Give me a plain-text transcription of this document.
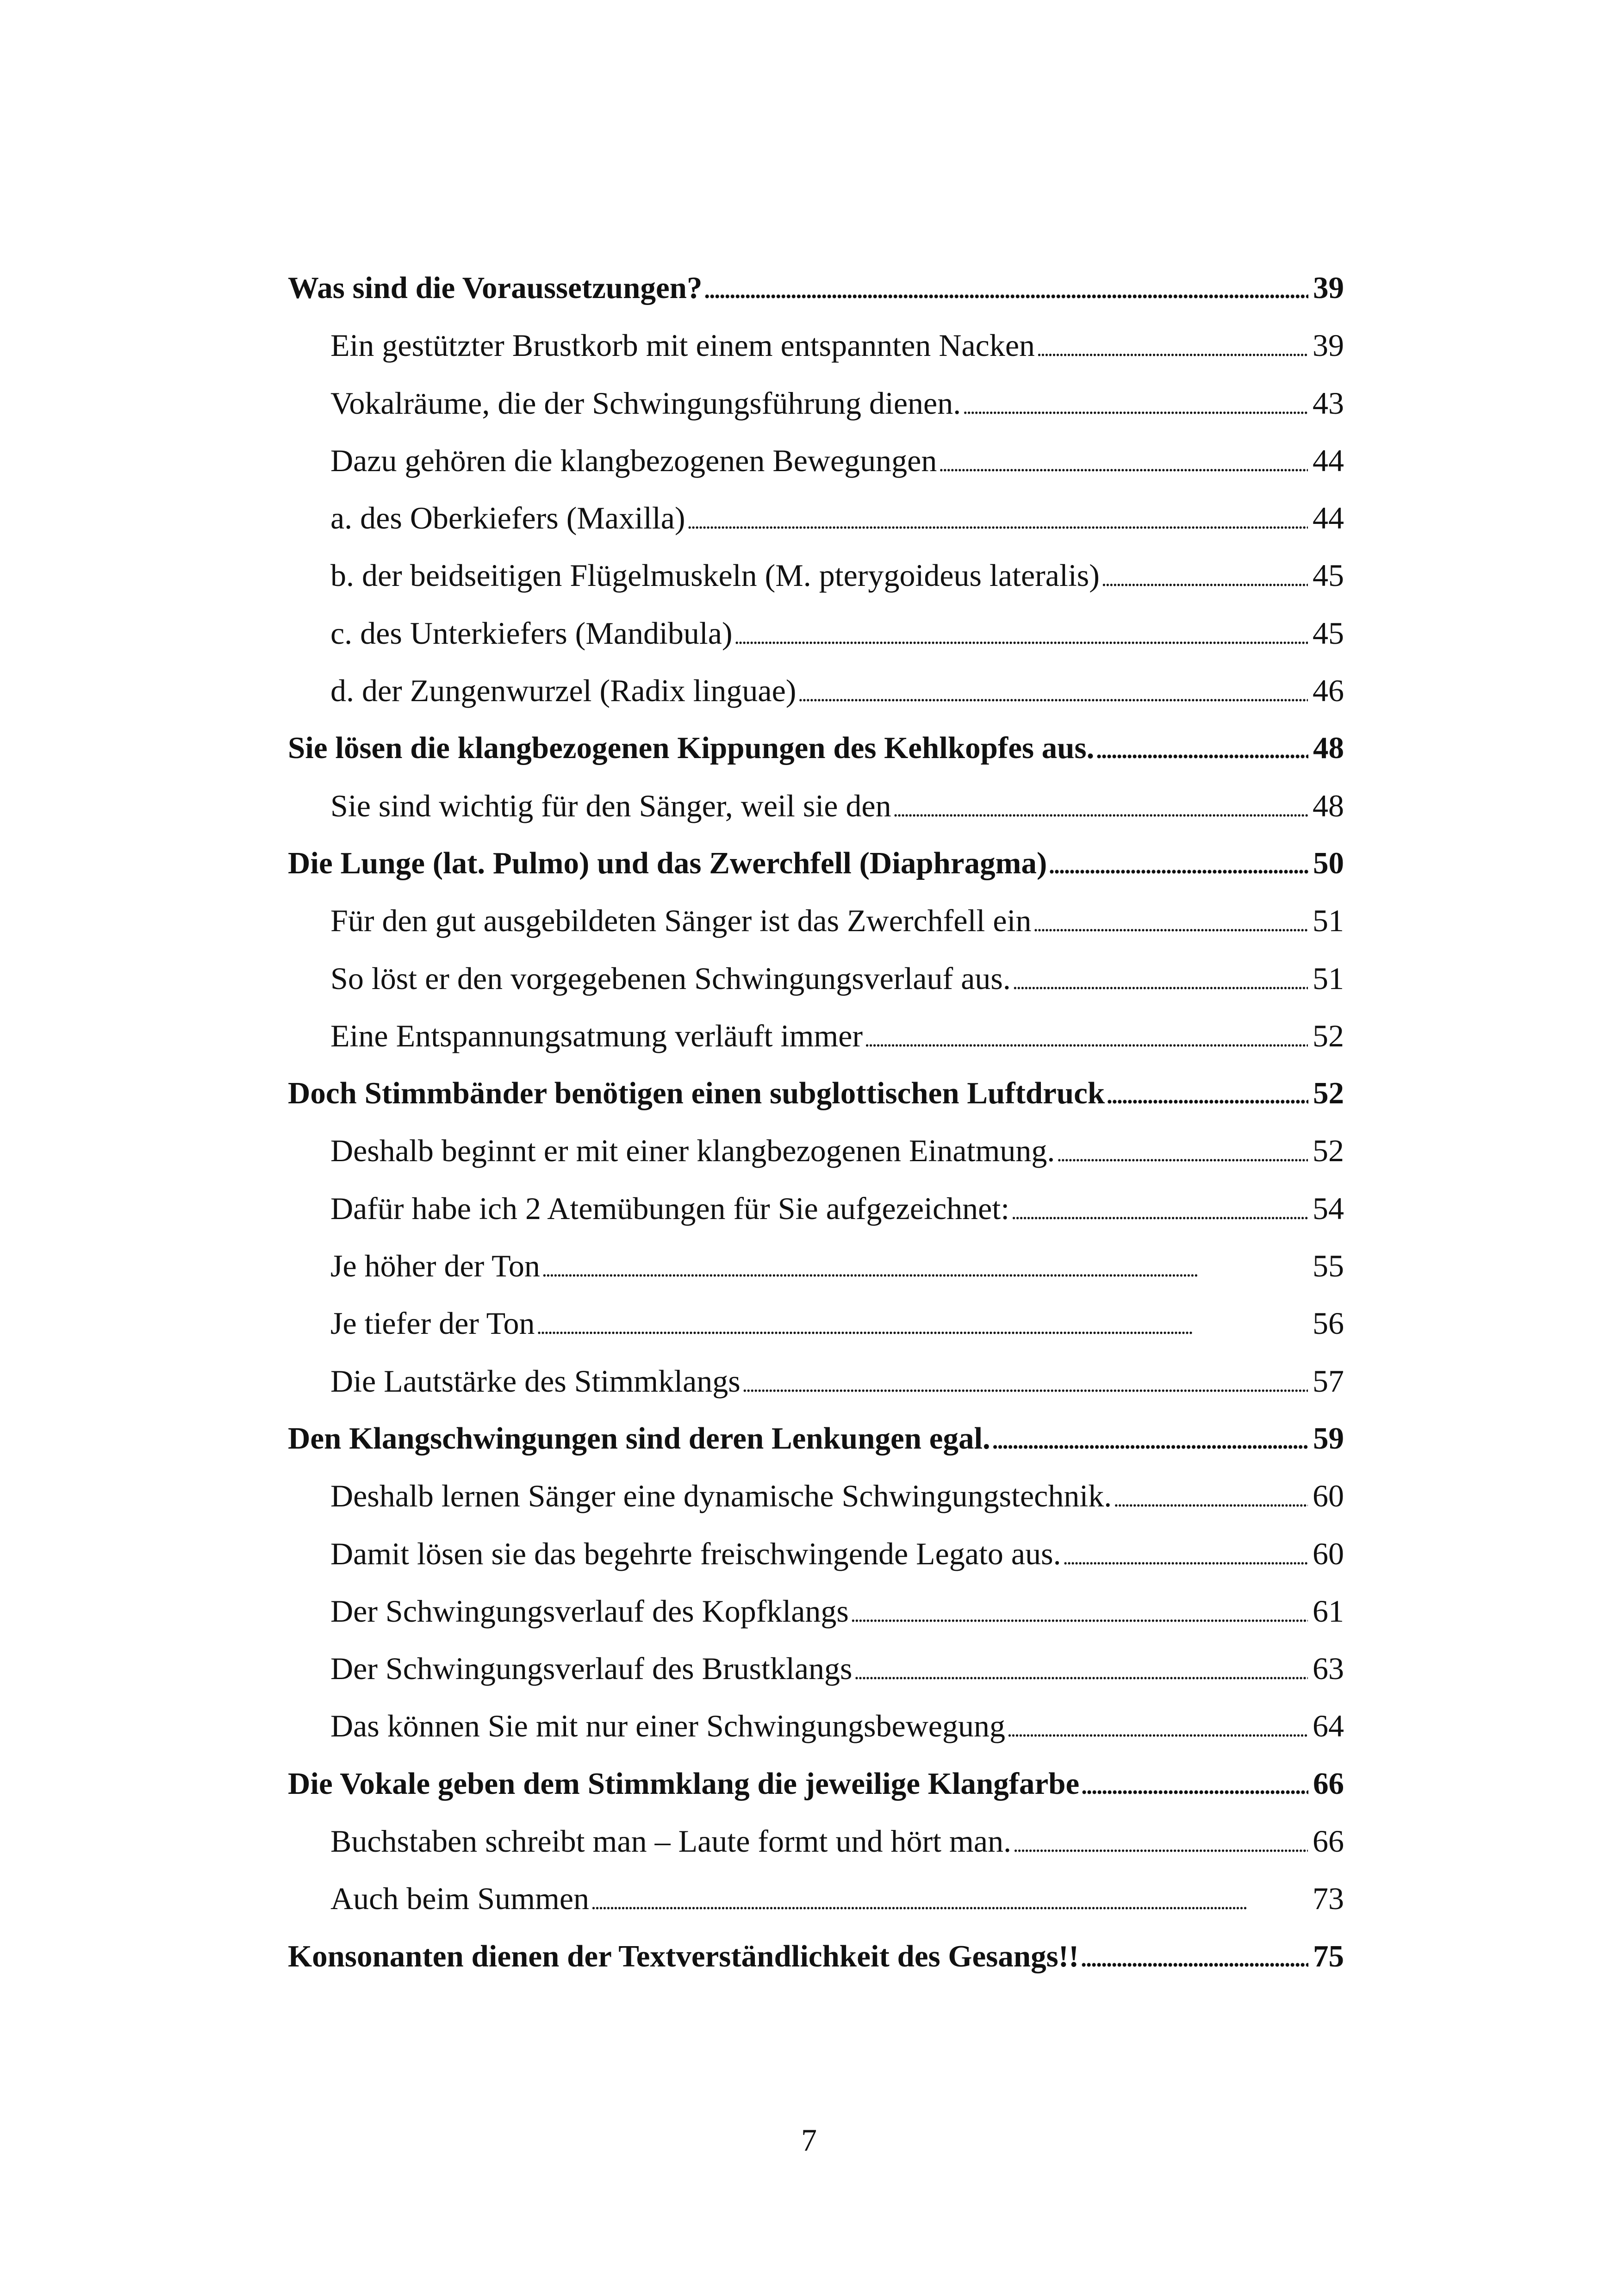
Was sind die Voraussetzungen? . . .	39
Ein gestützter Brustkorb mit einem entspannten Nacken . . .	39
Vokalräume, die der Schwingungsführung dienen. . . .	43
Dazu gehören die klangbezogenen Bewegungen . . .	44
a. des Oberkiefers (Maxilla) . . .	44
b. der beidseitigen Flügelmuskeln (M. pterygoideus lateralis) . . .	45
c. des Unterkiefers (Mandibula) . . .	45
d. der Zungenwurzel (Radix linguae) . . .	46
Sie lösen die klangbezogenen Kippungen des Kehlkopfes aus. . . .	48
Sie sind wichtig für den Sänger, weil sie den . . .	48
Die Lunge (lat. Pulmo) und das Zwerchfell (Diaphragma) . . .	50
Für den gut ausgebildeten Sänger ist das Zwerchfell ein . . .	51
So löst er den vorgegebenen Schwingungsverlauf aus. . . .	51
Eine Entspannungsatmung verläuft immer . . .	52
Doch Stimmbänder benötigen einen subglottischen Luftdruck . . .	52
Deshalb beginnt er mit einer klangbezogenen Einatmung. . . .	52
Dafür habe ich 2 Atemübungen für Sie aufgezeichnet: . . .	54
Je höher der Ton . . .	55
Je tiefer der Ton . . .	56
Die Lautstärke des Stimmklangs . . .	57
Den Klangschwingungen sind deren Lenkungen egal. . . .	59
Deshalb lernen Sänger eine dynamische Schwingungstechnik. . . .	60
Damit lösen sie das begehrte freischwingende Legato aus. . . .	60
Der Schwingungsverlauf des Kopfklangs . . .	61
Der Schwingungsverlauf des Brustklangs . . .	63
Das können Sie mit nur einer Schwingungsbewegung . . .	64
Die Vokale geben dem Stimmklang die jeweilige Klangfarbe . . .	66
Buchstaben schreibt man – Laute formt und hört man. . . .	66
Auch beim Summen . . .	73
Konsonanten dienen der Textverständlichkeit des Gesangs!! . . .	75
7
